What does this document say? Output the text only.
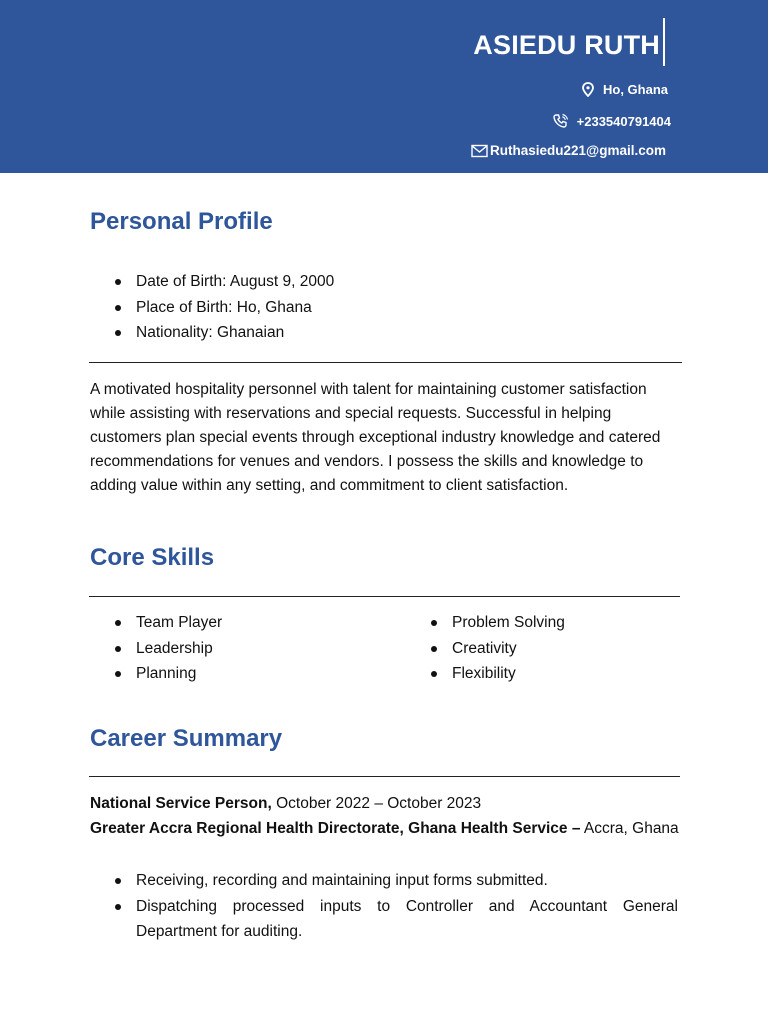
ASIEDU RUTH
Ho, Ghana
+233540791404
Ruthasiedu221@gmail.com
Personal Profile
Date of Birth: August 9, 2000
Place of Birth: Ho, Ghana
Nationality: Ghanaian

A motivated hospitality personnel with talent for maintaining customer satisfaction while assisting with reservations and special requests. Successful in helping customers plan special events through exceptional industry knowledge and catered recommendations for venues and vendors. I possess the skills and knowledge to adding value within any setting, and commitment to client satisfaction.

Core Skills
Team Player
Leadership
Planning
Problem Solving
Creativity
Flexibility
Career Summary

National Service Person, October 2022 – October 2023

Greater Accra Regional Health Directorate, Ghana Health Service – Accra, Ghana

Receiving, recording and maintaining input forms submitted.
Dispatching processed inputs to Controller and Accountant General Department for auditing.
